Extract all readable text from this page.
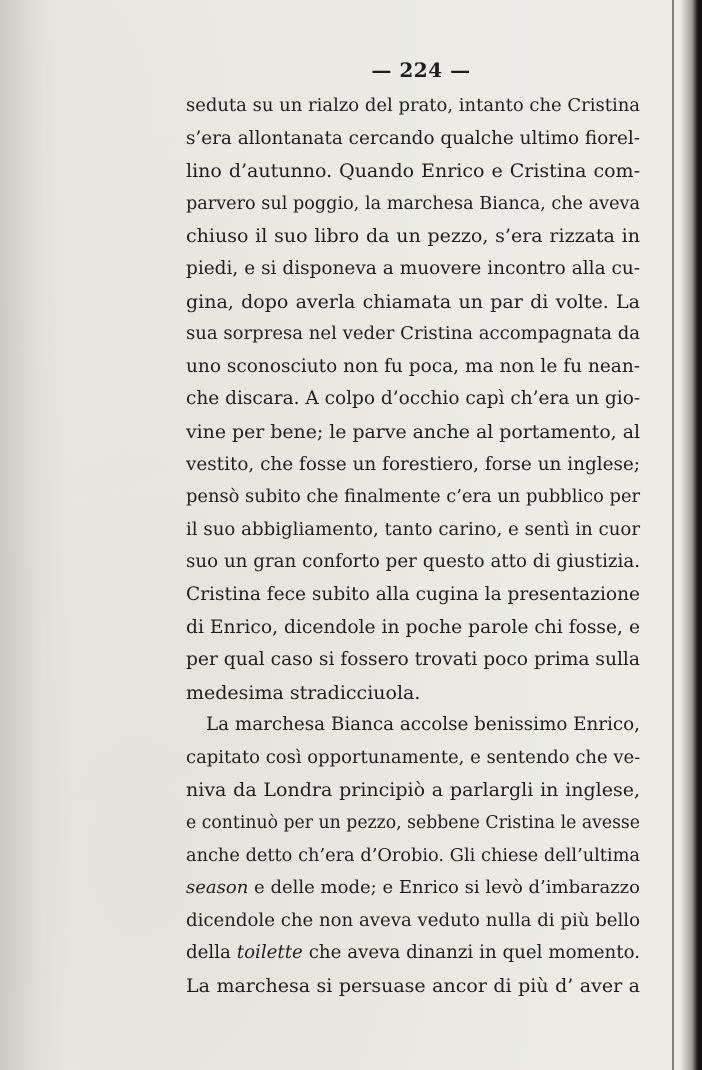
— 224 —
seduta su un rialzo del prato, intanto che Cristina
s’era allontanata cercando qualche ultimo fiorel-
lino d’autunno. Quando Enrico e Cristina com-
parvero sul poggio, la marchesa Bianca, che aveva
chiuso il suo libro da un pezzo, s’era rizzata in
piedi, e si disponeva a muovere incontro alla cu-
gina, dopo averla chiamata un par di volte. La
sua sorpresa nel veder Cristina accompagnata da
uno sconosciuto non fu poca, ma non le fu nean-
che discara. A colpo d’occhio capì ch’era un gio-
vine per bene; le parve anche al portamento, al
vestito, che fosse un forestiero, forse un inglese;
pensò subito che finalmente c’era un pubblico per
il suo abbigliamento, tanto carino, e sentì in cuor
suo un gran conforto per questo atto di giustizia.
Cristina fece subito alla cugina la presentazione
di Enrico, dicendole in poche parole chi fosse, e
per qual caso si fossero trovati poco prima sulla
medesima stradicciuola.
La marchesa Bianca accolse benissimo Enrico,
capitato così opportunamente, e sentendo che ve-
niva da Londra principiò a parlargli in inglese,
e continuò per un pezzo, sebbene Cristina le avesse
anche detto ch’era d’Orobio. Gli chiese dell’ultima
season e delle mode; e Enrico si levò d’imbarazzo
dicendole che non aveva veduto nulla di più bello
della toilette che aveva dinanzi in quel momento.
La marchesa si persuase ancor di più d’ aver a
